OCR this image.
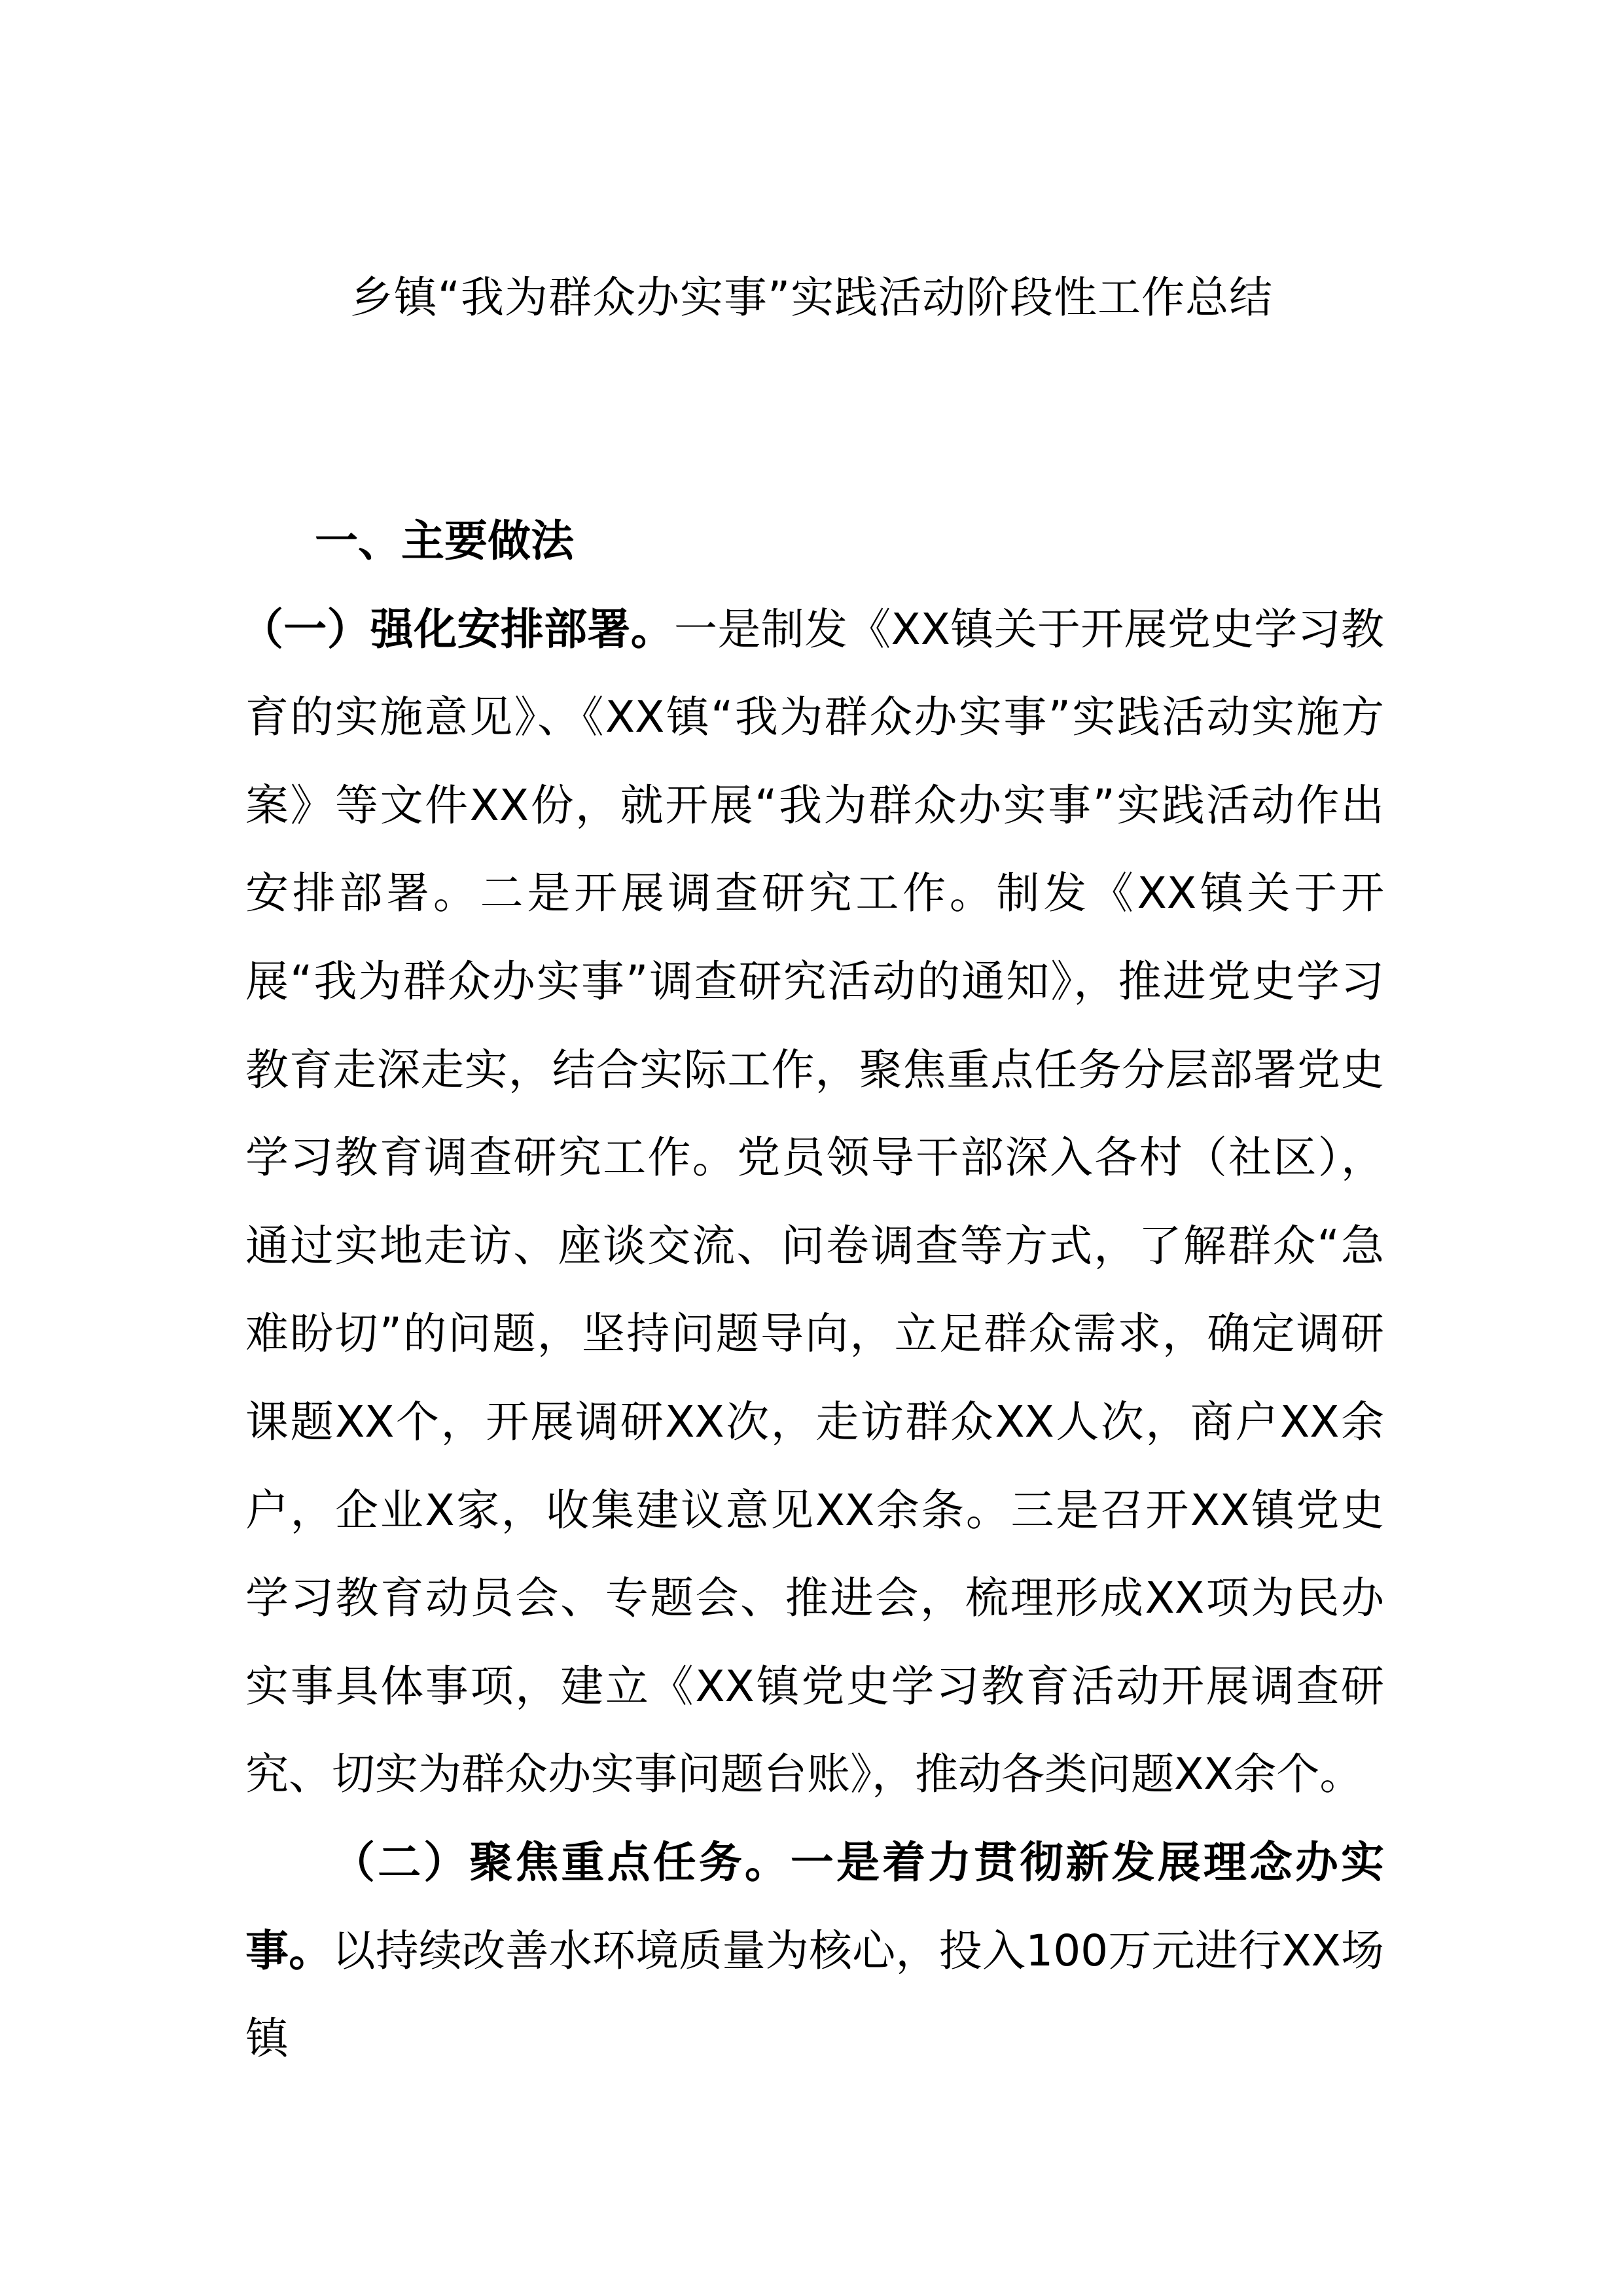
乡镇“我为群众办实事”实践活动阶段性工作总结

一、主要做法

（一）强化安排部署。一是制发《XX镇关于开展党史学习教育的实施意见》、《XX镇“我为群众办实事”实践活动实施方案》等文件XX份，就开展“我为群众办实事”实践活动作出安排部署。二是开展调查研究工作。制发《XX镇关于开展“我为群众办实事”调查研究活动的通知》，推进党史学习教育走深走实，结合实际工作，聚焦重点任务分层部署党史学习教育调查研究工作。党员领导干部深入各村（社区），通过实地走访、座谈交流、问卷调查等方式，了解群众“急难盼切”的问题，坚持问题导向，立足群众需求，确定调研课题XX个，开展调研XX次，走访群众XX人次，商户XX余户，企业X家，收集建议意见XX余条。三是召开XX镇党史学习教育动员会、专题会、推进会，梳理形成XX项为民办实事具体事项，建立《XX镇党史学习教育活动开展调查研究、切实为群众办实事问题台账》，推动各类问题XX余个。

（二）聚焦重点任务。一是着力贯彻新发展理念办实事。以持续改善水环境质量为核心，投入100万元进行XX场镇
